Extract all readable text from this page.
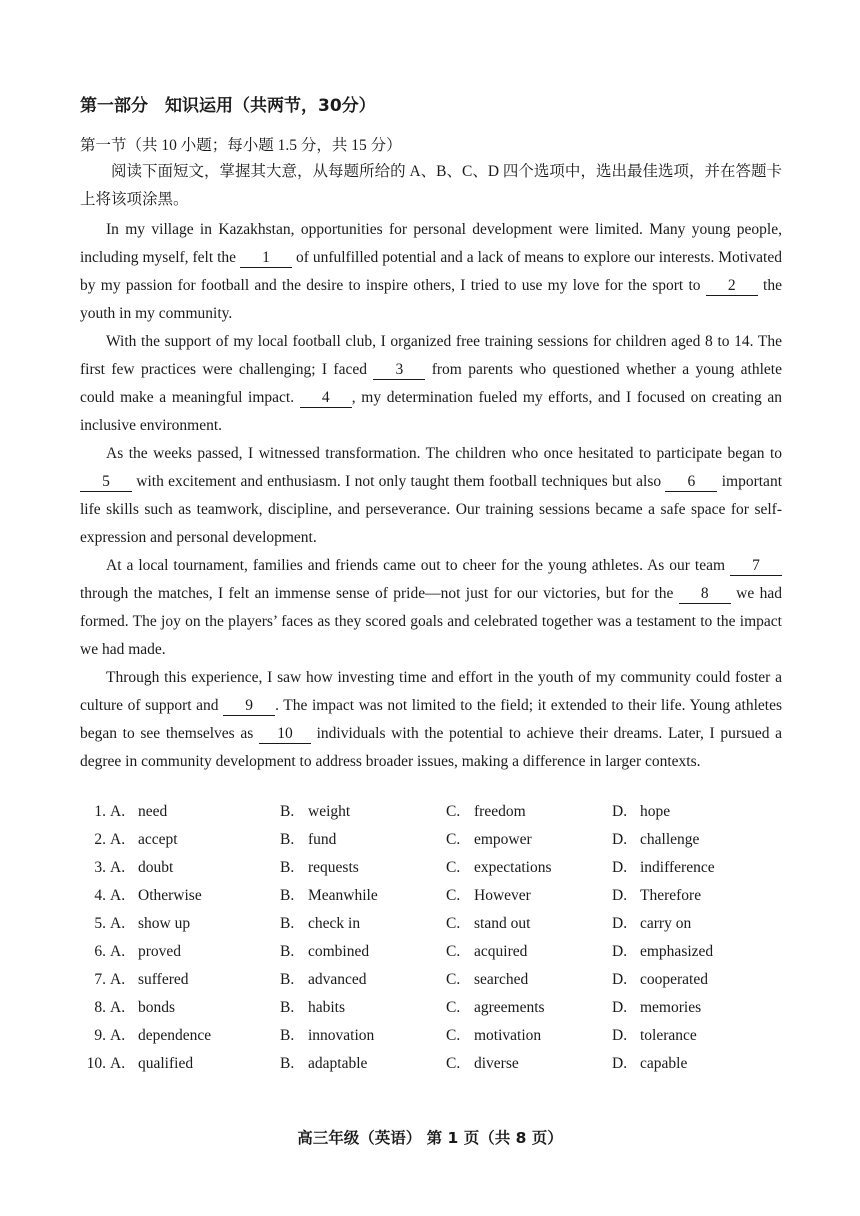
第一部分　知识运用（共两节，30分）
第一节（共 10 小题；每小题 1.5 分，共 15 分）

阅读下面短文，掌握其大意，从每题所给的 A、B、C、D 四个选项中，选出最佳选项，并在答题卡上将该项涂黑。

In my village in Kazakhstan, opportunities for personal development were limited. Many young people, including myself, felt the 1 of unfulfilled potential and a lack of means to explore our interests. Motivated by my passion for football and the desire to inspire others, I tried to use my love for the sport to 2 the youth in my community.

With the support of my local football club, I organized free training sessions for children aged 8 to 14. The first few practices were challenging; I faced 3 from parents who questioned whether a young athlete could make a meaningful impact. 4 , my determination fueled my efforts, and I focused on creating an inclusive environment.

As the weeks passed, I witnessed transformation. The children who once hesitated to participate began to 5 with excitement and enthusiasm. I not only taught them football techniques but also 6 important life skills such as teamwork, discipline, and perseverance. Our training sessions became a safe space for self-expression and personal development.

At a local tournament, families and friends came out to cheer for the young athletes. As our team 7 through the matches, I felt an immense sense of pride—not just for our victories, but for the 8 we had formed. The joy on the players’ faces as they scored goals and celebrated together was a testament to the impact we had made.

Through this experience, I saw how investing time and effort in the youth of my community could foster a culture of support and 9 . The impact was not limited to the field; it extended to their life. Young athletes began to see themselves as 10 individuals with the potential to achieve their dreams. Later, I pursued a degree in community development to address broader issues, making a difference in larger contexts.

1. A. need	B. weight	C. freedom	D. hope
2. A. accept	B. fund	C. empower	D. challenge
3. A. doubt	B. requests	C. expectations	D. indifference
4. A. Otherwise	B. Meanwhile	C. However	D. Therefore
5. A. show up	B. check in	C. stand out	D. carry on
6. A. proved	B. combined	C. acquired	D. emphasized
7. A. suffered	B. advanced	C. searched	D. cooperated
8. A. bonds	B. habits	C. agreements	D. memories
9. A. dependence	B. innovation	C. motivation	D. tolerance
10. A. qualified	B. adaptable	C. diverse	D. capable
高三年级（英语） 第 1 页（共 8 页）
